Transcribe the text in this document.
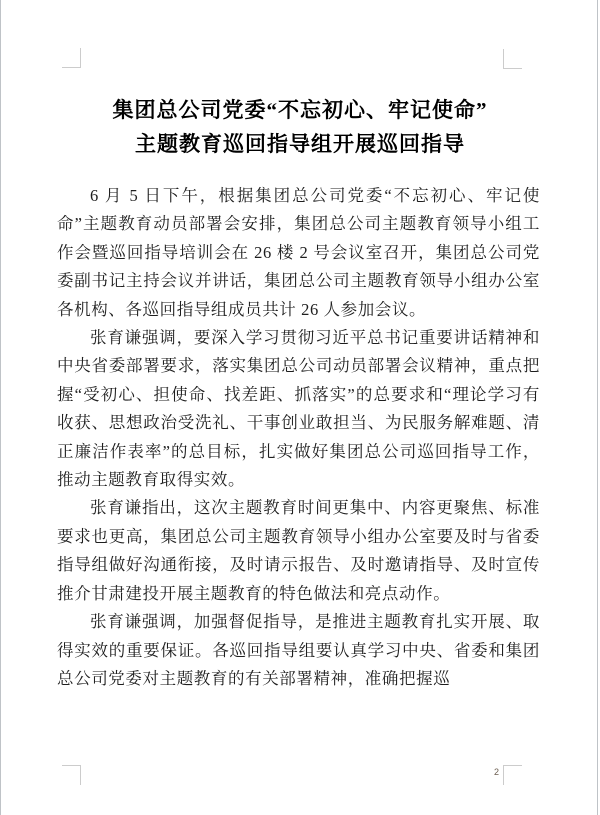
集团总公司党委“不忘初心、牢记使命”
主题教育巡回指导组开展巡回指导

6 月 5 日下午，根据集团总公司党委“不忘初心、牢记使命”主题教育动员部署会安排，集团总公司主题教育领导小组工作会暨巡回指导培训会在 26 楼 2 号会议室召开，集团总公司党委副书记主持会议并讲话，集团总公司主题教育领导小组办公室各机构、各巡回指导组成员共计 26 人参加会议。

张育谦强调，要深入学习贯彻习近平总书记重要讲话精神和中央省委部署要求，落实集团总公司动员部署会议精神，重点把握“受初心、担使命、找差距、抓落实”的总要求和“理论学习有收获、思想政治受洗礼、干事创业敢担当、为民服务解难题、清正廉洁作表率”的总目标，扎实做好集团总公司巡回指导工作，推动主题教育取得实效。

张育谦指出，这次主题教育时间更集中、内容更聚焦、标准要求也更高，集团总公司主题教育领导小组办公室要及时与省委指导组做好沟通衔接，及时请示报告、及时邀请指导、及时宣传推介甘肃建投开展主题教育的特色做法和亮点动作。

张育谦强调，加强督促指导，是推进主题教育扎实开展、取得实效的重要保证。各巡回指导组要认真学习中央、省委和集团总公司党委对主题教育的有关部署精神，准确把握巡

2
